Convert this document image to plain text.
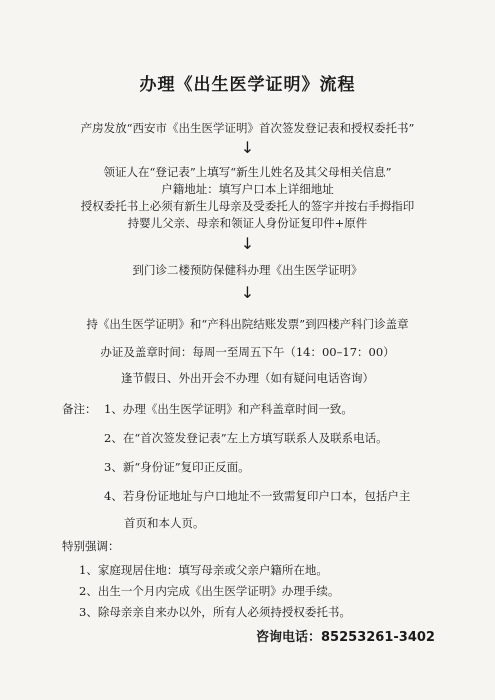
办理《出生医学证明》流程
产房发放“西安市《出生医学证明》首次签发登记表和授权委托书”
↓
领证人在“登记表”上填写“新生儿姓名及其父母相关信息”
户籍地址：填写户口本上详细地址
授权委托书上必须有新生儿母亲及受委托人的签字并按右手拇指印
持婴儿父亲、母亲和领证人身份证复印件+原件
↓
到门诊二楼预防保健科办理《出生医学证明》
↓
持《出生医学证明》和“产科出院结账发票”到四楼产科门诊盖章
办证及盖章时间：每周一至周五下午（14：00–17：00）
逢节假日、外出开会不办理（如有疑问电话咨询）
备注： 1、办理《出生医学证明》和产科盖章时间一致。
2、在“首次签发登记表”左上方填写联系人及联系电话。
3、新“身份证”复印正反面。
4、若身份证地址与户口地址不一致需复印户口本，包括户主
首页和本人页。
特别强调：
1、家庭现居住地：填写母亲或父亲户籍所在地。
2、出生一个月内完成《出生医学证明》办理手续。
3、除母亲亲自来办以外，所有人必须持授权委托书。
咨询电话：85253261-3402
